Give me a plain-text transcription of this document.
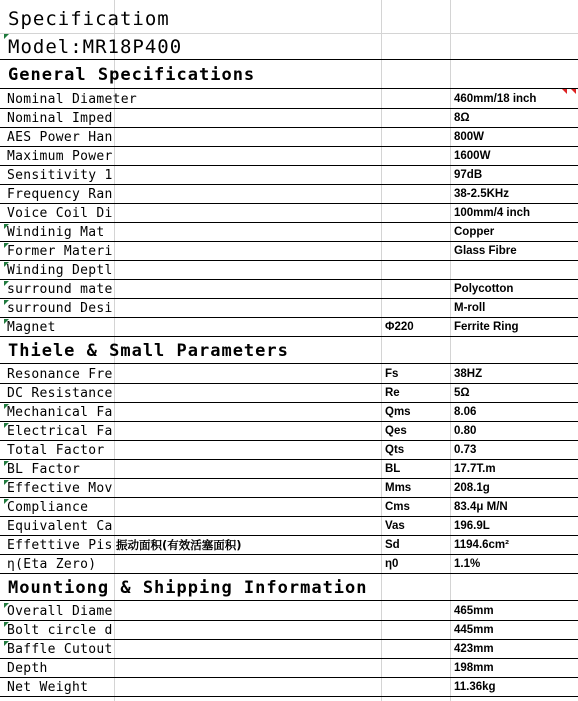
Specificatiom
Model:MR18P400
General Specifications
Thiele & Small Parameters
Mountiong & Shipping Information
Nominal Diameter	460mm/18 inch
Nominal Imped	8Ω
AES Power Han	800W
Maximum Power	1600W
Sensitivity 1	97dB
Frequency Ran	38-2.5KHz
Voice Coil Di	100mm/4 inch
Windinig Mat	Copper
Former Materi	Glass Fibre
Winding Deptl
surround mate	Polycotton
surround Desi	M-roll
Magnet	Φ220	Ferrite Ring
Resonance Fre	Fs	38HZ
DC Resistance	Re	5Ω
Mechanical Fa	Qms	8.06
Electrical Fa	Qes	0.80
Total Factor	Qts	0.73
BL Factor	BL	17.7T.m
Effective Mov	Mms	208.1g
Compliance	Cms	83.4μ M/N
Equivalent Ca	Vas	196.9L
Effettive Pis 振动面积(有效活塞面积)	Sd	1194.6cm²
η(Eta Zero)	η0	1.1%
Overall Diame	465mm
Bolt circle d	445mm
Baffle Cutout	423mm
Depth	198mm
Net Weight	11.36kg
